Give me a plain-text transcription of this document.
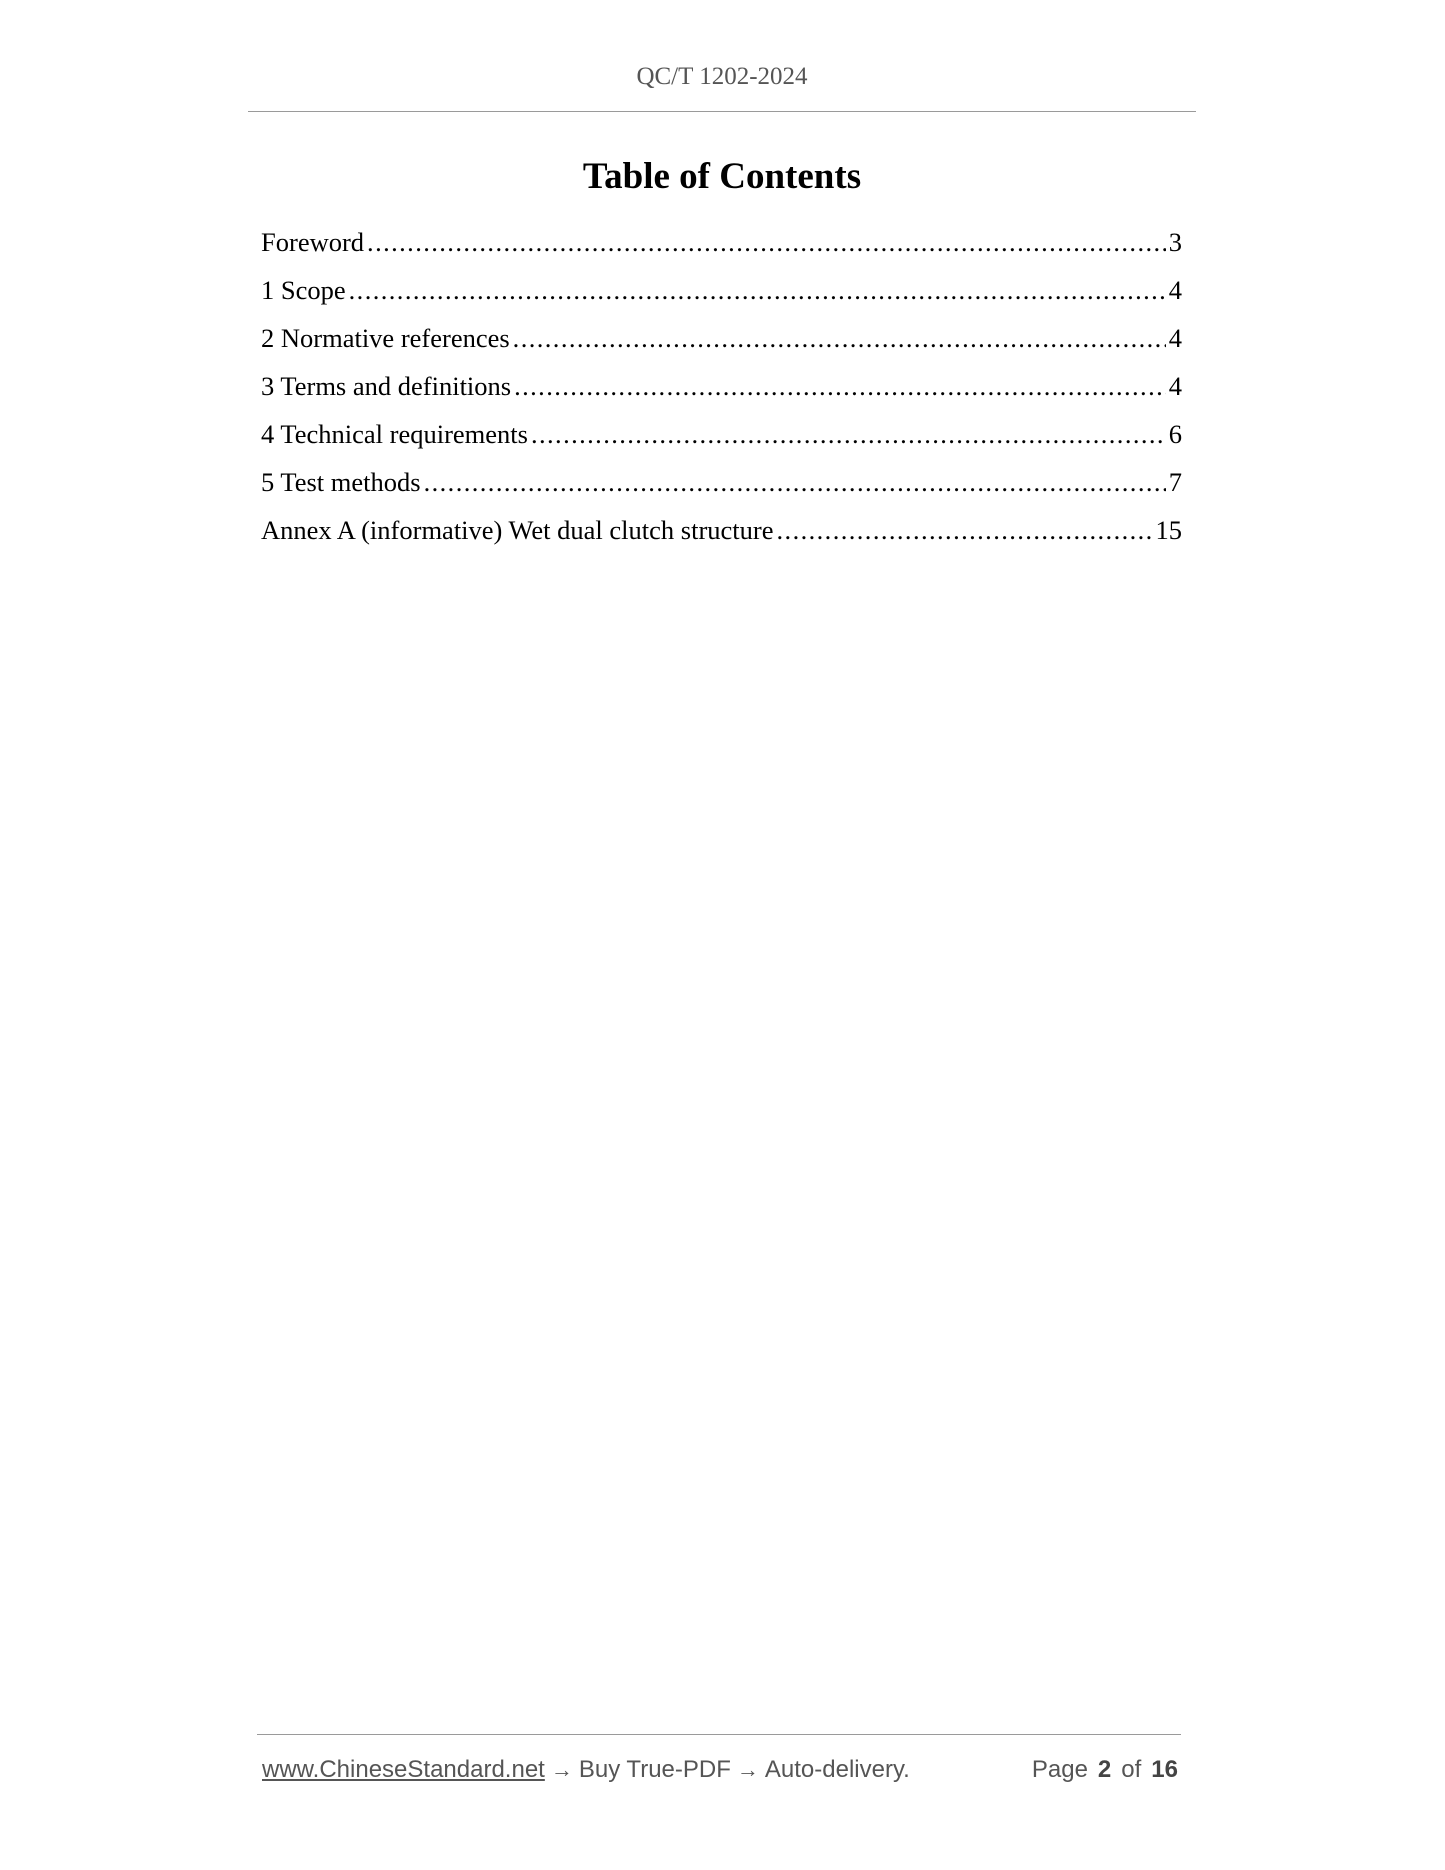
QC/T 1202-2024
Table of Contents
Foreword .....	3
1 Scope .....	4
2 Normative references .....	4
3 Terms and definitions .....	4
4 Technical requirements .....	6
5 Test methods .....	7
Annex A (informative) Wet dual clutch structure .....	15
www.ChineseStandard.net → Buy True-PDF → Auto-delivery.	Page 2 of 16
